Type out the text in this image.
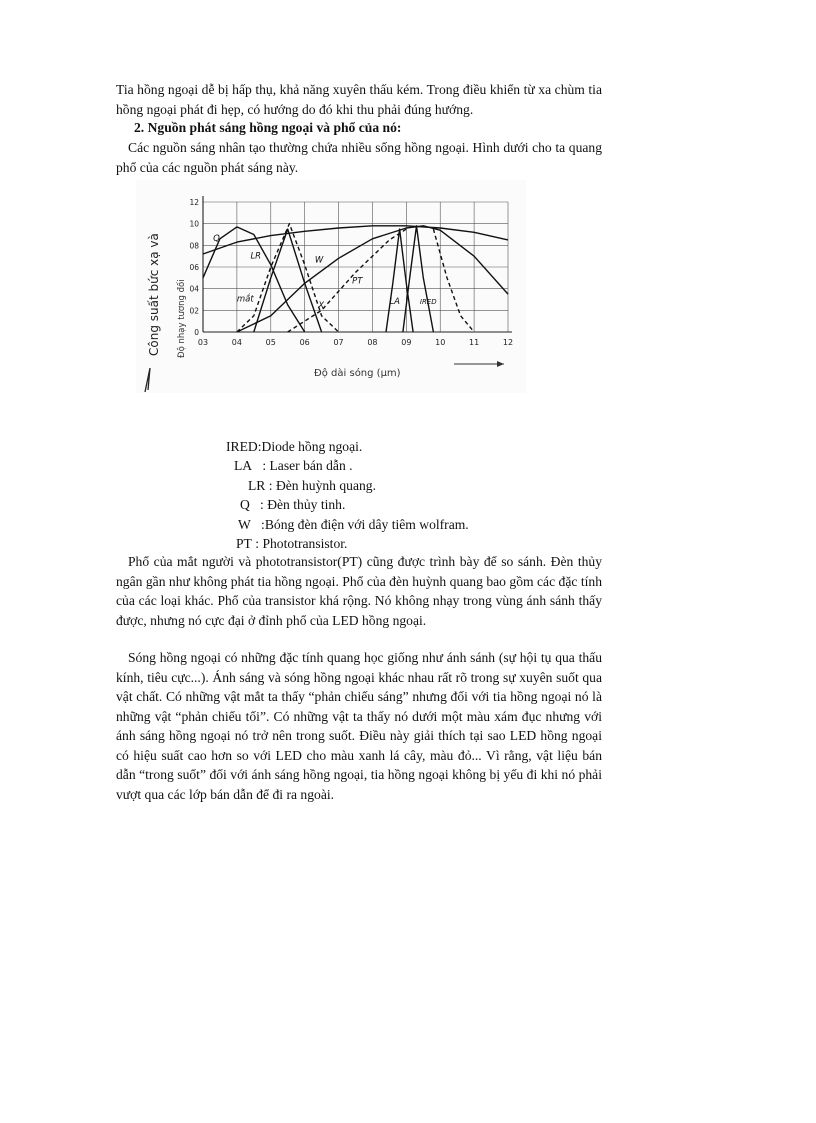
Tia hồng ngoại dễ bị hấp thụ, khả năng xuyên thấu kém. Trong điều khiển từ xa chùm tia hồng ngoại phát đi hẹp, có hướng do đó khi thu phải đúng hướng.

2. Nguồn phát sáng hồng ngoại và phổ của nó:

Các nguồn sáng nhân tạo thường chứa nhiều sống hồng ngoại. Hình dưới cho ta quang phổ của các nguồn phát sáng này.

0
02
04
06
08
10
12
03	04	05	06	07	08	09	10	11	12
Q
mắt
LR	W
PT
X	LA	IRED
Công suất bức xạ và Độ nhạy tương đối
Độ dài sóng (μm)
IRED : Diode hồng ngoại.
LA : Laser bán dẫn .
LR : Đèn huỳnh quang.
Q : Đèn thủy tinh.
W : Bóng đèn điện với dây tiêm wolfram.
PT : Phototransistor.

Phổ của mắt người và phototransistor(PT) cũng được trình bày để so sánh. Đèn thủy ngân gần như không phát tia hồng ngoại. Phổ của đèn huỳnh quang bao gồm các đặc tính của các loại khác. Phổ của transistor khá rộng. Nó không nhạy trong vùng ánh sánh thấy được, nhưng nó cực đại ở đỉnh phổ của LED hồng ngoại.

Sóng hồng ngoại có những đặc tính quang học giống như ánh sánh (sự hội tụ qua thấu kính, tiêu cực...). Ánh sáng và sóng hồng ngoại khác nhau rất rõ trong sự xuyên suốt qua vật chất. Có những vật mắt ta thấy “phản chiếu sáng” nhưng đối với tia hồng ngoại nó là những vật “phản chiếu tối”. Có những vật ta thấy nó dưới một màu xám đục nhưng với ánh sáng hồng ngoại nó trở nên trong suốt. Điều này giải thích tại sao LED hồng ngoại có hiệu suất cao hơn so với LED cho màu xanh lá cây, màu đỏ... Vì rằng, vật liệu bán dẫn “trong suốt” đối với ánh sáng hồng ngoại, tia hồng ngoại không bị yếu đi khi nó phải vượt qua các lớp bán dẫn để đi ra ngoài.
